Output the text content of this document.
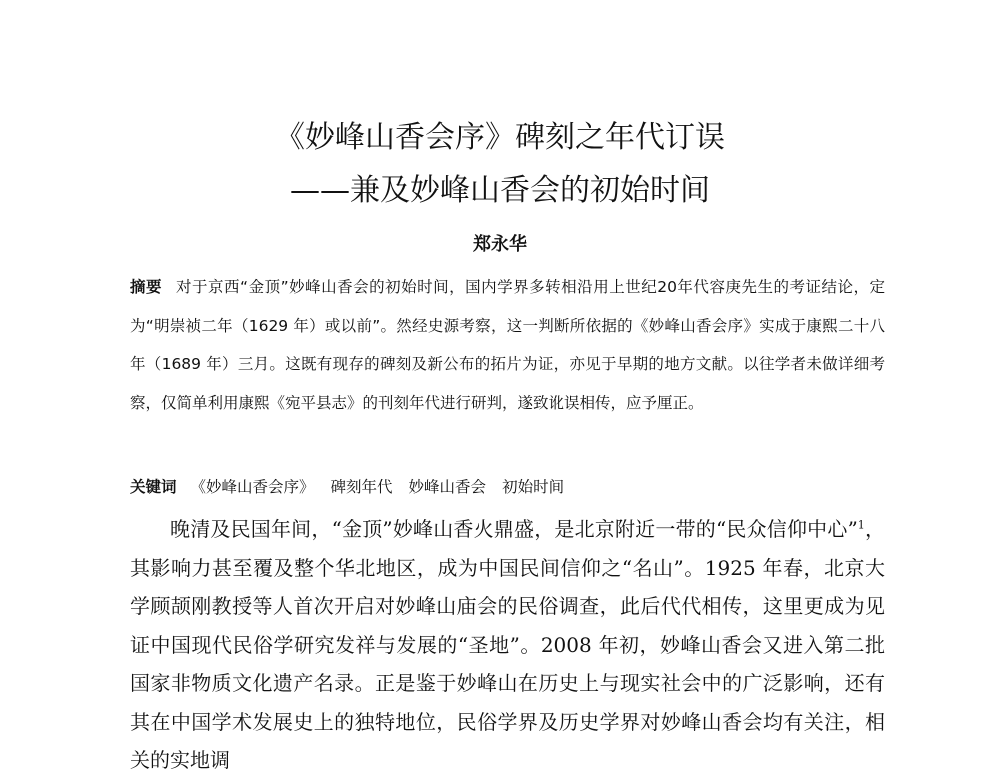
《妙峰山香会序》碑刻之年代订误
——兼及妙峰山香会的初始时间
郑永华

摘要 对于京西“金顶”妙峰山香会的初始时间，国内学界多转相沿用上世纪20年代容庚先生的考证结论，定为“明崇祯二年（1629 年）或以前”。然经史源考察，这一判断所依据的《妙峰山香会序》实成于康熙二十八年（1689 年）三月。这既有现存的碑刻及新公布的拓片为证，亦见于早期的地方文献。以往学者未做详细考察，仅简单利用康熙《宛平县志》的刊刻年代进行研判，遂致讹误相传，应予厘正。

关键词 《妙峰山香会序》 碑刻年代 妙峰山香会 初始时间

晚清及民国年间，“金顶”妙峰山香火鼎盛，是北京附近一带的“民众信仰中心”$^1$，其影响力甚至覆及整个华北地区，成为中国民间信仰之“名山”。1925 年春，北京大学顾颉刚教授等人首次开启对妙峰山庙会的民俗调查，此后代代相传，这里更成为见证中国现代民俗学研究发祥与发展的“圣地”。2008 年初，妙峰山香会又进入第二批国家非物质文化遗产名录。正是鉴于妙峰山在历史上与现实社会中的广泛影响，还有其在中国学术发展史上的独特地位，民俗学界及历史学界对妙峰山香会均有关注，相关的实地调
